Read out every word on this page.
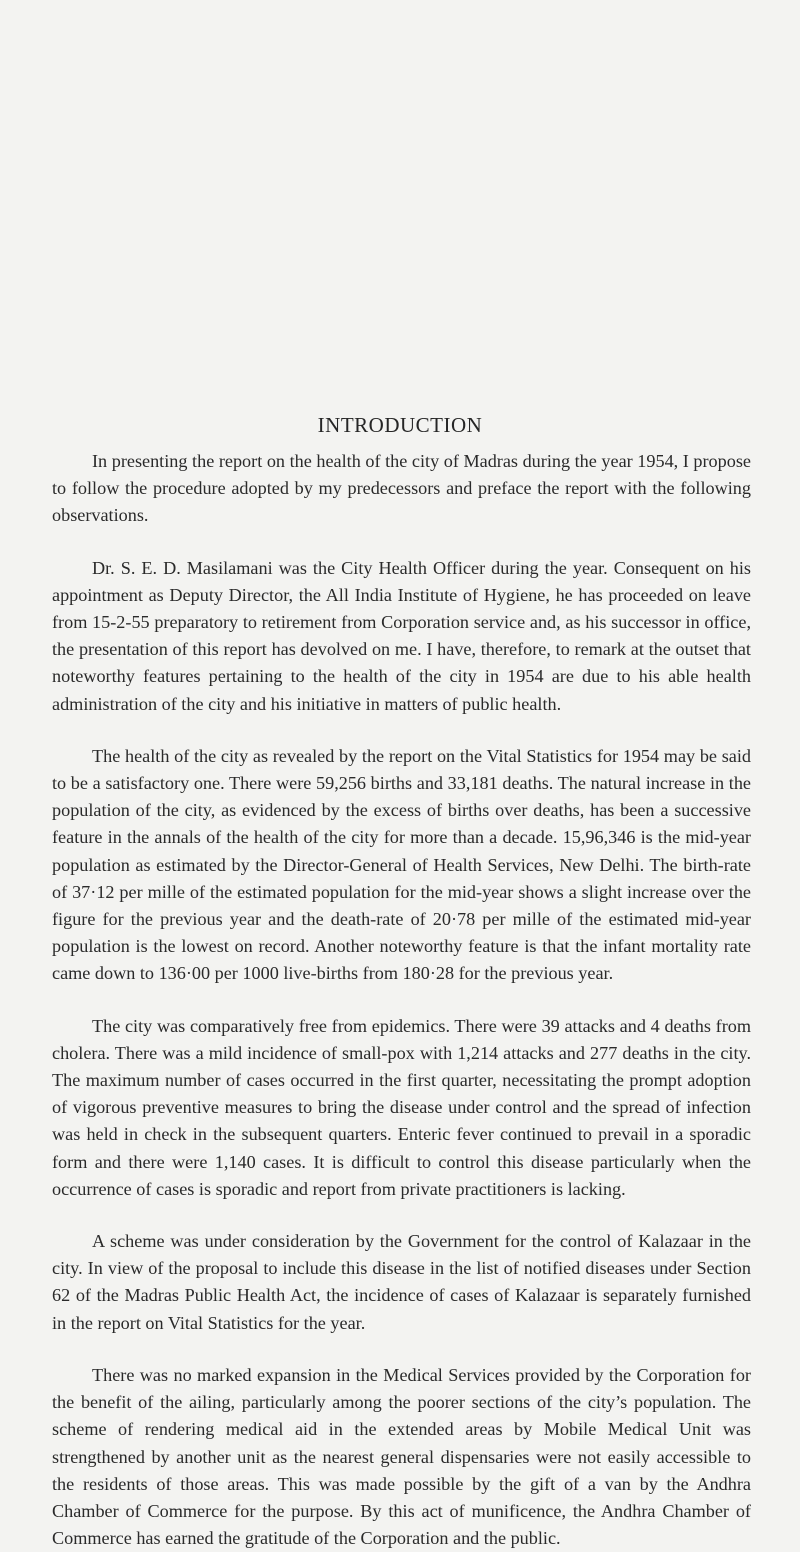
INTRODUCTION

In presenting the report on the health of the city of Madras during the year 1954, I propose to follow the procedure adopted by my predecessors and preface the report with the following observations.

Dr. S. E. D. Masilamani was the City Health Officer during the year. Consequent on his appointment as Deputy Director, the All India Institute of Hygiene, he has proceeded on leave from 15-2-55 preparatory to retirement from Corporation service and, as his successor in office, the presentation of this report has devolved on me. I have, therefore, to remark at the outset that noteworthy features pertaining to the health of the city in 1954 are due to his able health administration of the city and his initiative in matters of public health.

The health of the city as revealed by the report on the Vital Statistics for 1954 may be said to be a satisfactory one. There were 59,256 births and 33,181 deaths. The natural increase in the population of the city, as evidenced by the excess of births over deaths, has been a successive feature in the annals of the health of the city for more than a decade. 15,96,346 is the mid-year population as estimated by the Director-General of Health Services, New Delhi. The birth-rate of 37·12 per mille of the estimated population for the mid-year shows a slight increase over the figure for the previous year and the death-rate of 20·78 per mille of the estimated mid-year population is the lowest on record. Another noteworthy feature is that the infant mortality rate came down to 136·00 per 1000 live-births from 180·28 for the previous year.

The city was comparatively free from epidemics. There were 39 attacks and 4 deaths from cholera. There was a mild incidence of small-pox with 1,214 attacks and 277 deaths in the city. The maximum number of cases occurred in the first quarter, necessitating the prompt adoption of vigorous preventive measures to bring the disease under control and the spread of infection was held in check in the subsequent quarters. Enteric fever continued to prevail in a sporadic form and there were 1,140 cases. It is difficult to control this disease particularly when the occurrence of cases is sporadic and report from private practitioners is lacking.

A scheme was under consideration by the Government for the control of Kalazaar in the city. In view of the proposal to include this disease in the list of notified diseases under Section 62 of the Madras Public Health Act, the incidence of cases of Kalazaar is separately furnished in the report on Vital Statistics for the year.

There was no marked expansion in the Medical Services provided by the Corporation for the benefit of the ailing, particularly among the poorer sections of the city’s population. The scheme of rendering medical aid in the extended areas by Mobile Medical Unit was strengthened by another unit as the nearest general dispensaries were not easily accessible to the residents of those areas. This was made possible by the gift of a van by the Andhra Chamber of Commerce for the purpose. By this act of munificence, the Andhra Chamber of Commerce has earned the gratitude of the Corporation and the public.
